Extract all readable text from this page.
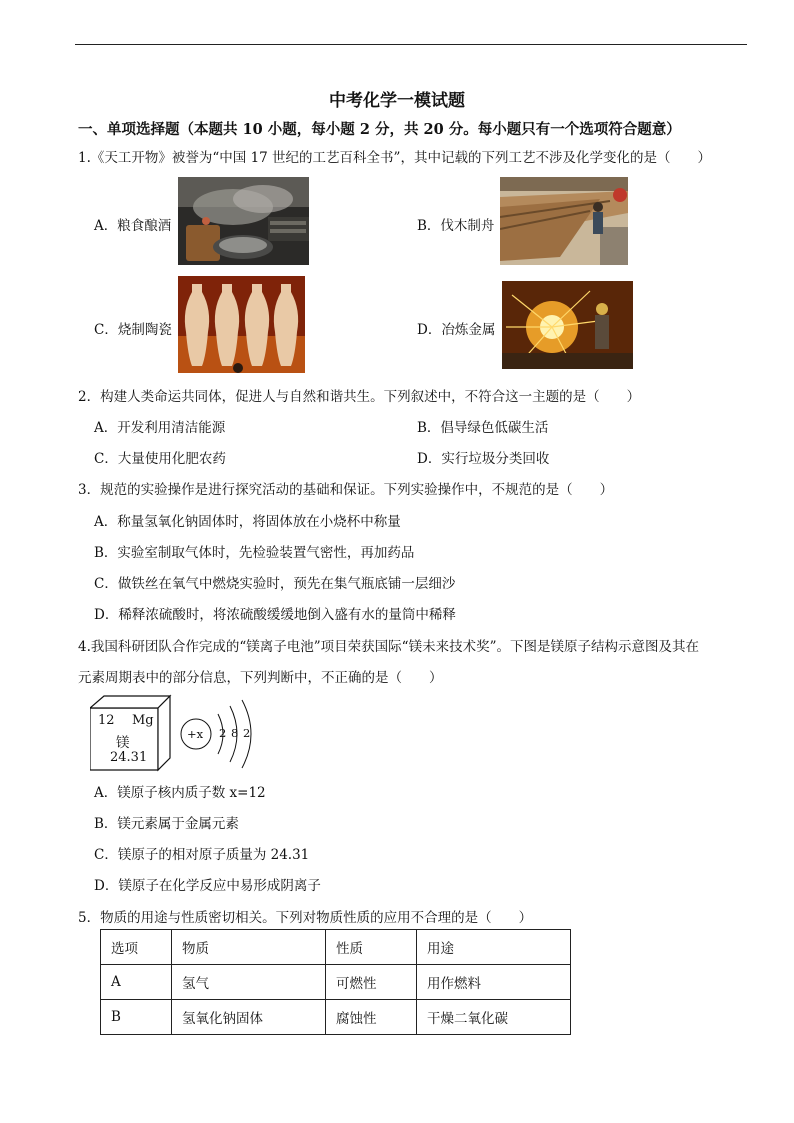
中考化学一模试题
一、单项选择题（本题共 10 小题，每小题 2 分，共 20 分。每小题只有一个选项符合题意）
1.《天工开物》被誉为“中国 17 世纪的工艺百科全书”，其中记载的下列工艺不涉及化学变化的是（　　）
A．粮食酿酒	B．伐木制舟
C．烧制陶瓷	D．冶炼金属
2．构建人类命运共同体，促进人与自然和谐共生。下列叙述中，不符合这一主题的是（　　）
A．开发利用清洁能源	B．倡导绿色低碳生活
C．大量使用化肥农药	D．实行垃圾分类回收
3．规范的实验操作是进行探究活动的基础和保证。下列实验操作中，不规范的是（　　）
A．称量氢氧化钠固体时，将固体放在小烧杯中称量
B．实验室制取气体时，先检验装置气密性，再加药品
C．做铁丝在氧气中燃烧实验时，预先在集气瓶底铺一层细沙
D．稀释浓硫酸时，将浓硫酸缓缓地倒入盛有水的量筒中稀释
4.我国科研团队合作完成的“镁离子电池”项目荣获国际“镁未来技术奖”。下图是镁原子结构示意图及其在
元素周期表中的部分信息，下列判断中，不正确的是（　　）
12 Mg
镁
24.31
+x 2 8 2
A．镁原子核内质子数 x=12
B．镁元素属于金属元素
C．镁原子的相对原子质量为 24.31
D．镁原子在化学反应中易形成阴离子
5．物质的用途与性质密切相关。下列对物质性质的应用不合理的是（　　）
选项	物质	性质	用途
A	氢气	可燃性	用作燃料
B	氢氧化钠固体	腐蚀性	干燥二氧化碳
